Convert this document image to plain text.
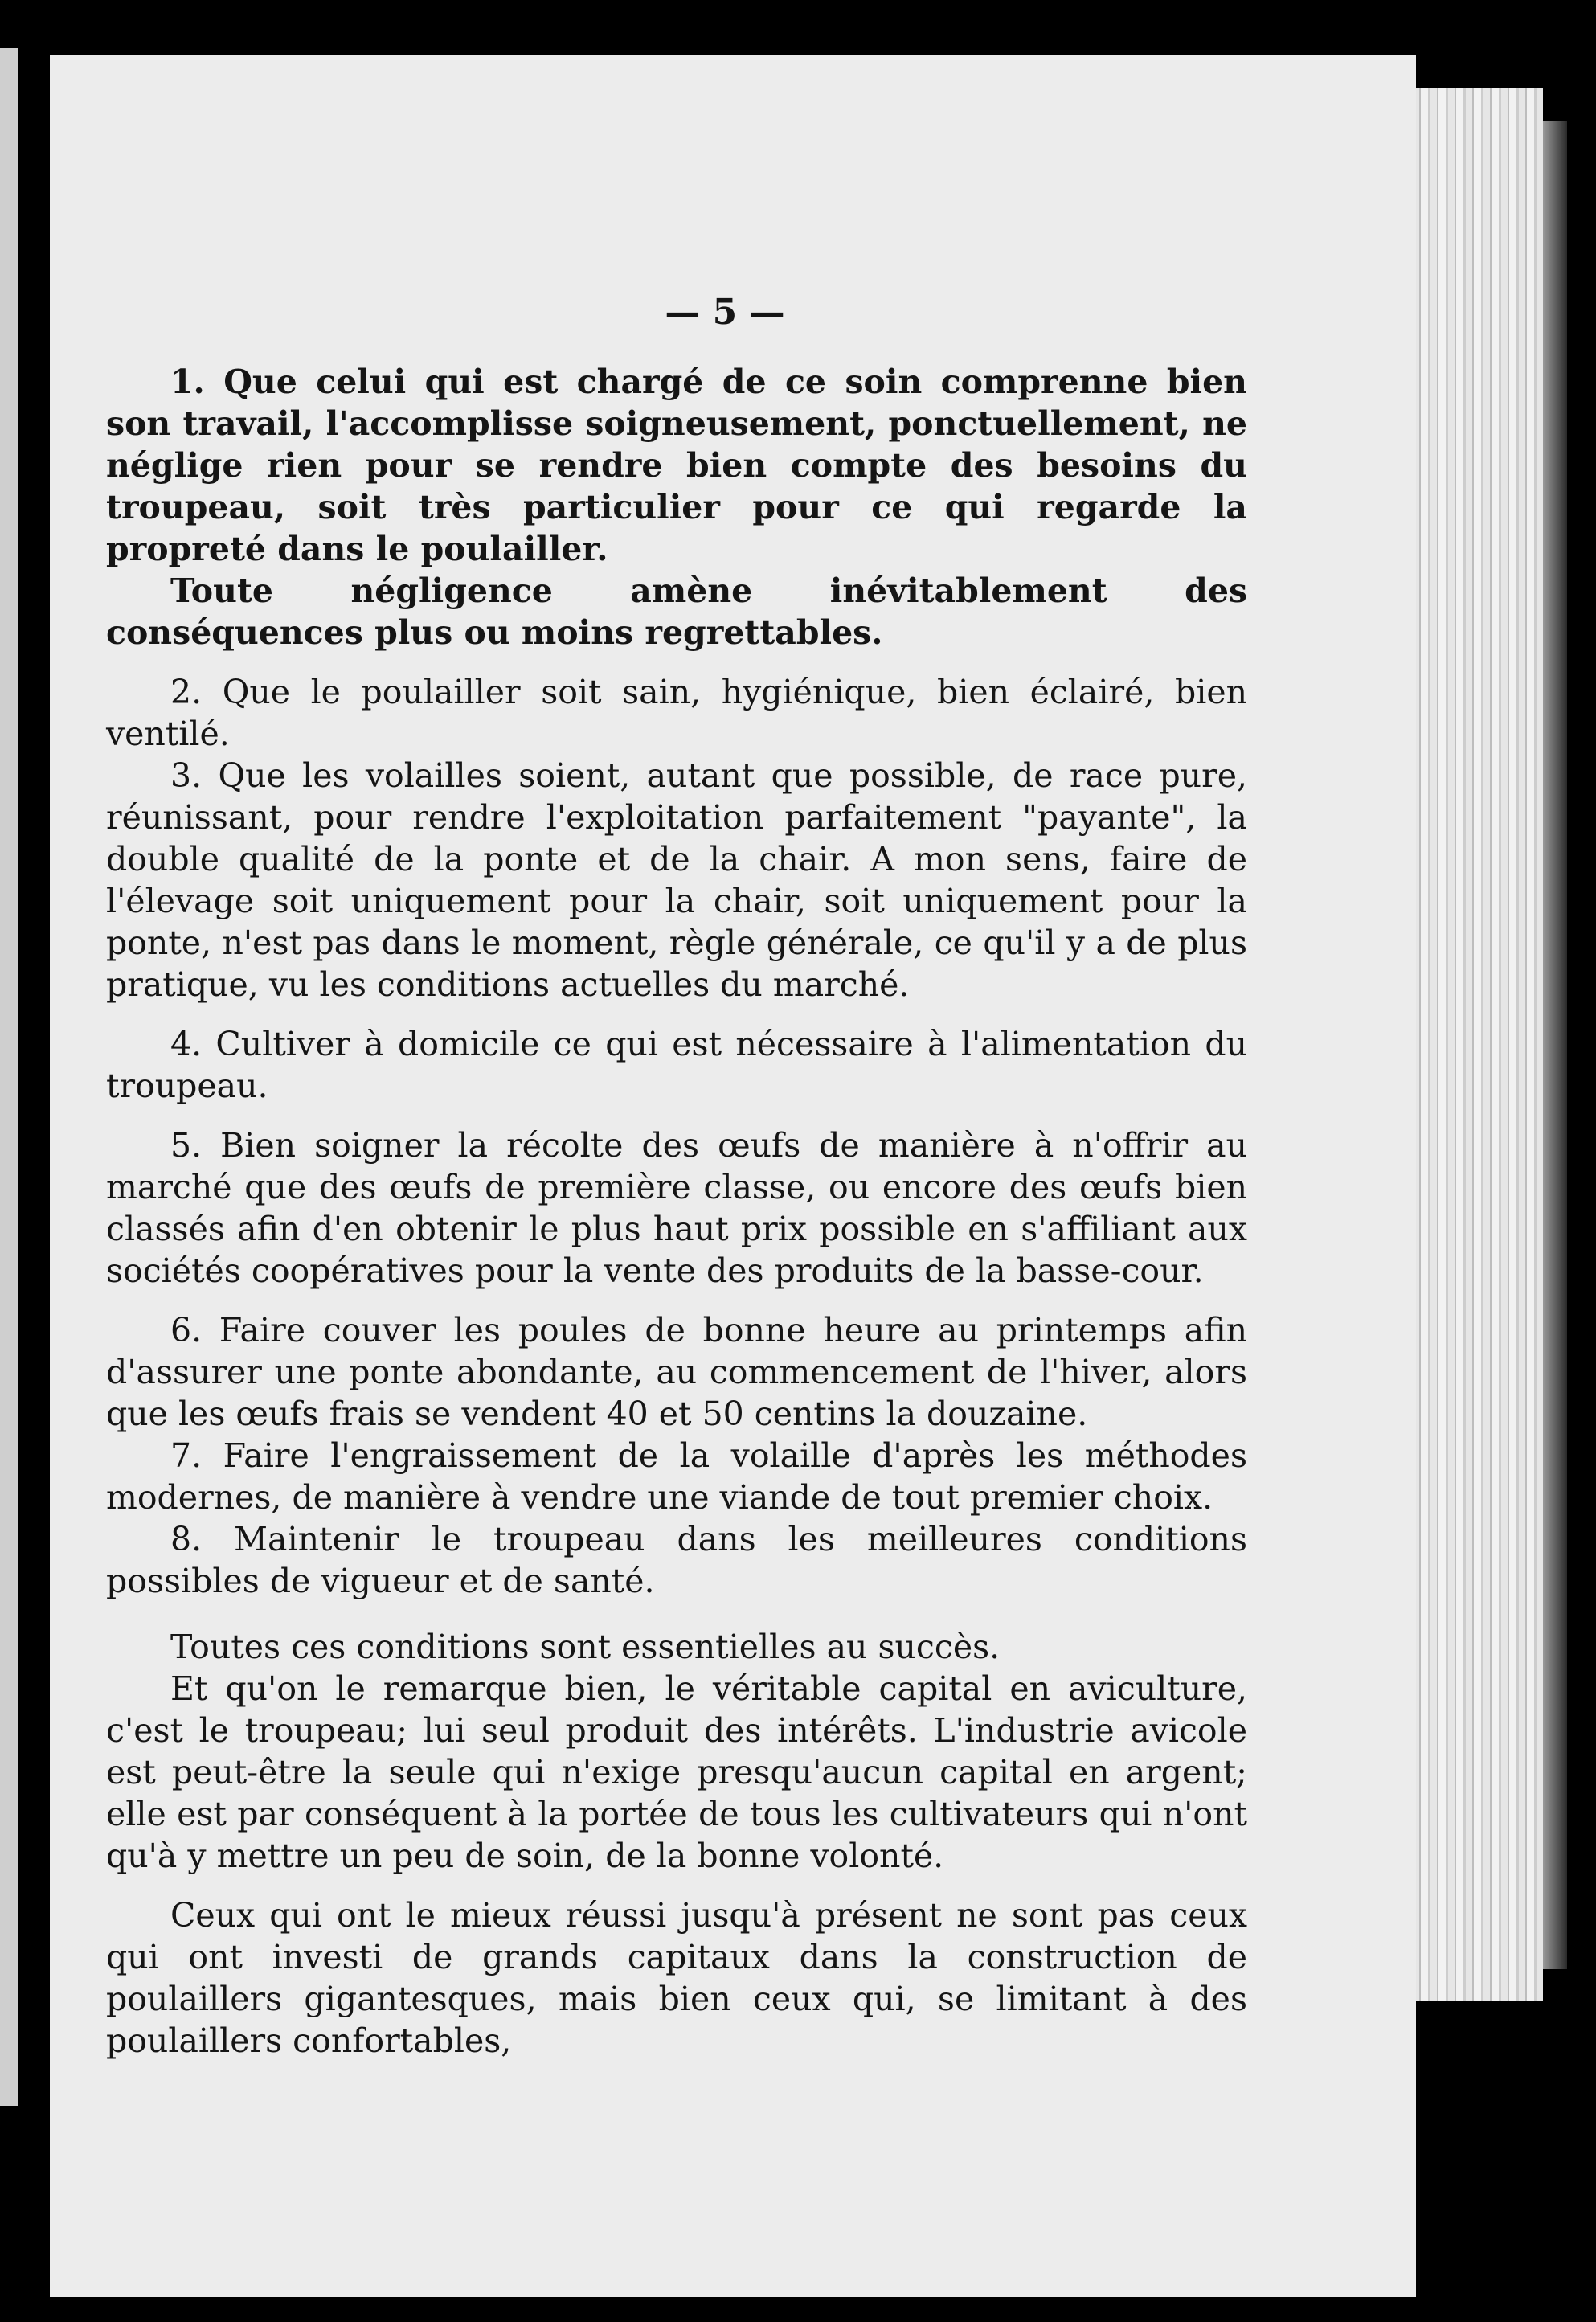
— 5 —

1. Que celui qui est chargé de ce soin comprenne bien son travail, l'accomplisse soigneusement, ponctuellement, ne néglige rien pour se rendre bien compte des besoins du troupeau, soit très particulier pour ce qui regarde la propreté dans le poulailler.

Toute négligence amène inévitablement des conséquences plus ou moins regrettables.

2. Que le poulailler soit sain, hygiénique, bien éclairé, bien ventilé.

3. Que les volailles soient, autant que possible, de race pure, réunissant, pour rendre l'exploitation parfaitement "payante", la double qualité de la ponte et de la chair. A mon sens, faire de l'élevage soit uniquement pour la chair, soit uniquement pour la ponte, n'est pas dans le moment, règle générale, ce qu'il y a de plus pratique, vu les conditions actuelles du marché.

4. Cultiver à domicile ce qui est nécessaire à l'alimentation du troupeau.

5. Bien soigner la récolte des œufs de manière à n'offrir au marché que des œufs de première classe, ou encore des œufs bien classés afin d'en obtenir le plus haut prix possible en s'affiliant aux sociétés coopératives pour la vente des produits de la basse-cour.

6. Faire couver les poules de bonne heure au printemps afin d'assurer une ponte abondante, au commencement de l'hiver, alors que les œufs frais se vendent 40 et 50 centins la douzaine.

7. Faire l'engraissement de la volaille d'après les méthodes modernes, de manière à vendre une viande de tout premier choix.

8. Maintenir le troupeau dans les meilleures conditions possibles de vigueur et de santé.

Toutes ces conditions sont essentielles au succès.

Et qu'on le remarque bien, le véritable capital en aviculture, c'est le troupeau; lui seul produit des intérêts. L'industrie avicole est peut-être la seule qui n'exige presqu'aucun capital en argent; elle est par conséquent à la portée de tous les cultivateurs qui n'ont qu'à y mettre un peu de soin, de la bonne volonté.

Ceux qui ont le mieux réussi jusqu'à présent ne sont pas ceux qui ont investi de grands capitaux dans la construction de poulaillers gigantesques, mais bien ceux qui, se limitant à des poulaillers confortables,
